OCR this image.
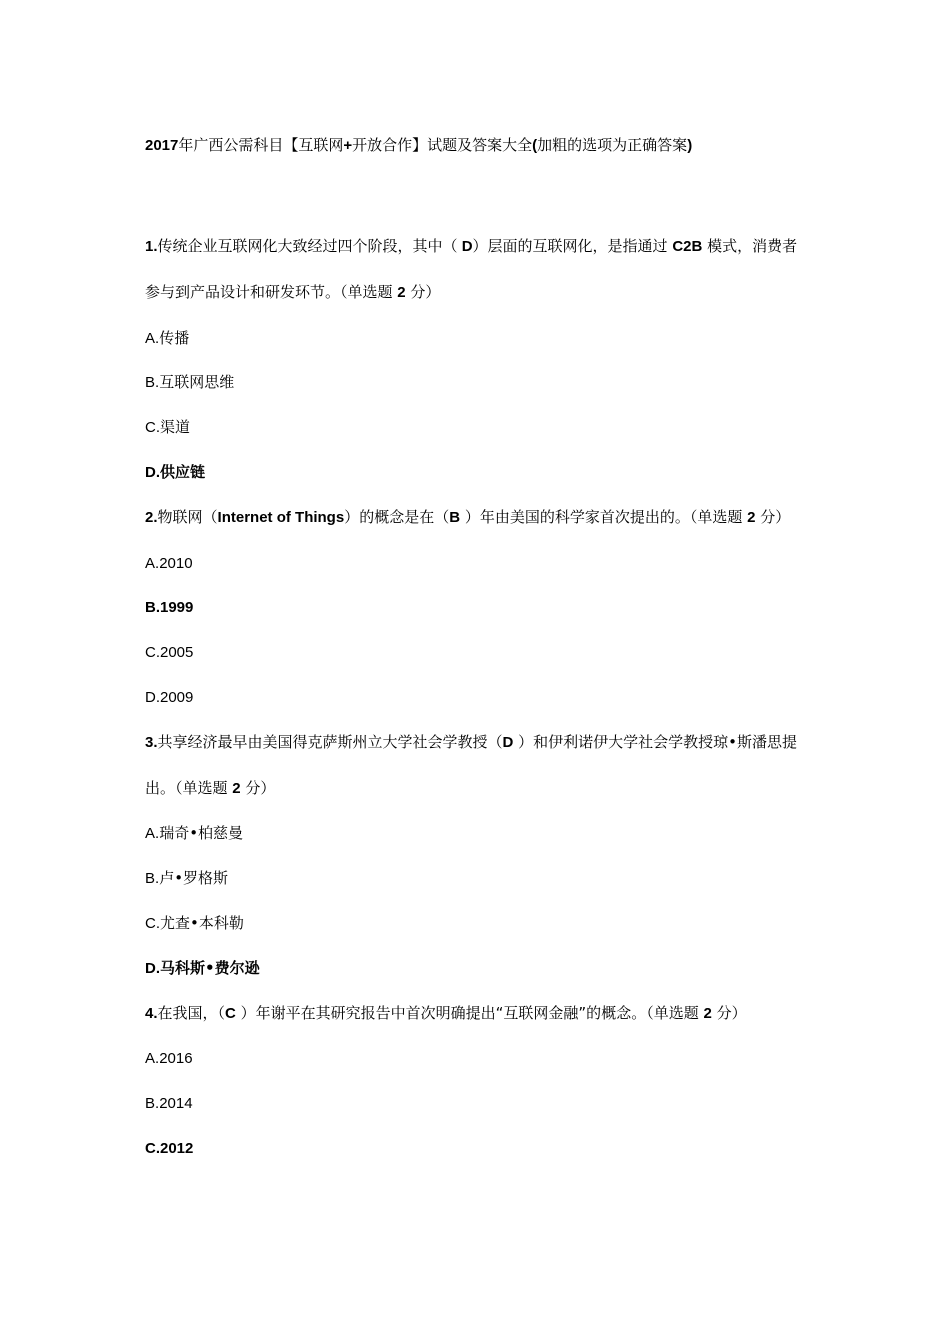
2017年广西公需科目【互联网+开放合作】试题及答案大全(加粗的选项为正确答案)

1.传统企业互联网化大致经过四个阶段，其中（ D）层面的互联网化，是指通过 C2B 模式，消费者参与到产品设计和研发环节。（单选题 2 分）

A.传播
B.互联网思维
C.渠道
D.供应链

2.物联网（Internet of Things）的概念是在（B ）年由美国的科学家首次提出的。（单选题 2 分）

A.2010
B.1999
C.2005
D.2009

3.共享经济最早由美国得克萨斯州立大学社会学教授（D ）和伊利诺伊大学社会学教授琼•斯潘思提出。（单选题 2 分）

A.瑞奇•柏慈曼
B.卢•罗格斯
C.尤查•本科勒
D.马科斯•费尔逊

4.在我国，（C ）年谢平在其研究报告中首次明确提出“互联网金融”的概念。（单选题 2 分）

A.2016
B.2014
C.2012
